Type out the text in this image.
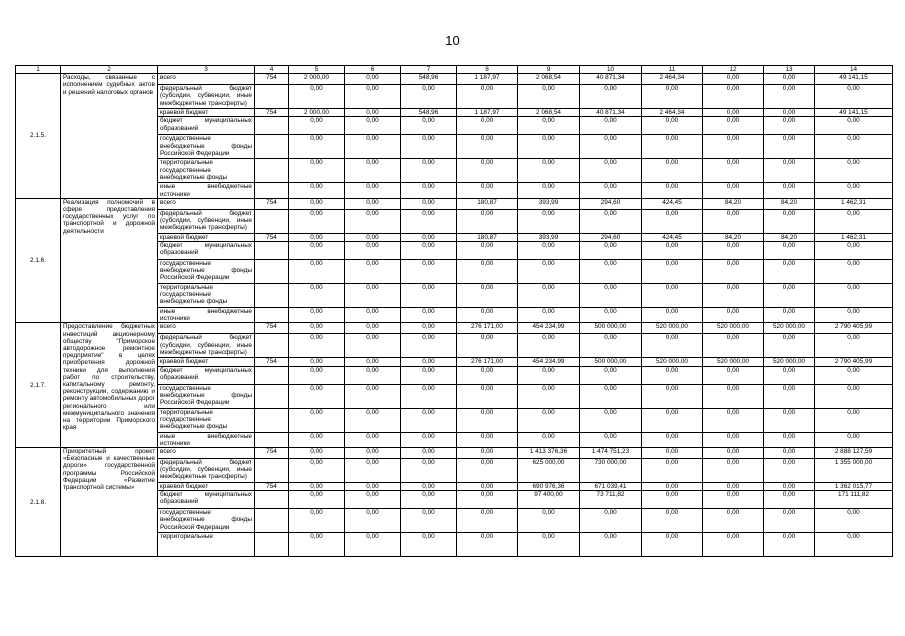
10
1	2	3	4	5	6	7	8	9	10	11	12	13	14
2.1.5.	Расходы, связанные с исполнением судебных актов и решений налоговых органов	всего	754	2 000,00	0,00	548,96	1 187,97	2 068,54	40 871,34	2 464,34	0,00	0,00	49 141,15
		федеральный бюджет (субсидии, субвенции, иные межбюджетные трансферты)		0,00	0,00	0,00	0,00	0,00	0,00	0,00	0,00	0,00	0,00
		краевой бюджет	754	2 000,00	0,00	548,96	1 187,97	2 068,54	40 871,34	2 464,34	0,00	0,00	49 141,15
		бюджет муниципальных образований		0,00	0,00	0,00	0,00	0,00	0,00	0,00	0,00	0,00	0,00
		государственные внебюджетные фонды Российской Федерации		0,00	0,00	0,00	0,00	0,00	0,00	0,00	0,00	0,00	0,00
		территориальные государственные внебюджетные фонды		0,00	0,00	0,00	0,00	0,00	0,00	0,00	0,00	0,00	0,00
		иные внебюджетные источники		0,00	0,00	0,00	0,00	0,00	0,00	0,00	0,00	0,00	0,00
2.1.6.	Реализация полномочий в сфере предоставления государственных услуг по транспортной и дорожной деятельности	всего	754	0,00	0,00	0,00	180,87	393,99	294,60	424,45	84,20	84,20	1 462,31
		федеральный бюджет (субсидии, субвенции, иные межбюджетные трансферты)		0,00	0,00	0,00	0,00	0,00	0,00	0,00	0,00	0,00	0,00
		краевой бюджет	754	0,00	0,00	0,00	180,87	393,99	294,60	424,45	84,20	84,20	1 462,31
		бюджет муниципальных образований		0,00	0,00	0,00	0,00	0,00	0,00	0,00	0,00	0,00	0,00
		государственные внебюджетные фонды Российской Федерации		0,00	0,00	0,00	0,00	0,00	0,00	0,00	0,00	0,00	0,00
		территориальные государственные внебюджетные фонды		0,00	0,00	0,00	0,00	0,00	0,00	0,00	0,00	0,00	0,00
		иные внебюджетные источники		0,00	0,00	0,00	0,00	0,00	0,00	0,00	0,00	0,00	0,00
2.1.7.	Предоставление бюджетных инвестиций акционерному обществу "Приморское автодорожное ремонтное предприятие" в целях приобретения дорожной техники для выполнения работ по строительству, капитальному ремонту, реконструкции, содержанию и ремонту автомобильных дорог регионального или межмуниципального значения на территории Приморского края	всего	754	0,00	0,00	0,00	276 171,00	454 234,99	500 000,00	520 000,00	520 000,00	520 000,00	2 790 405,99
		федеральный бюджет (субсидии, субвенции, иные межбюджетные трансферты)		0,00	0,00	0,00	0,00	0,00	0,00	0,00	0,00	0,00	0,00
		краевой бюджет	754	0,00	0,00	0,00	276 171,00	454 234,99	500 000,00	520 000,00	520 000,00	520 000,00	2 790 405,99
		бюджет муниципальных образований		0,00	0,00	0,00	0,00	0,00	0,00	0,00	0,00	0,00	0,00
		государственные внебюджетные фонды Российской Федерации		0,00	0,00	0,00	0,00	0,00	0,00	0,00	0,00	0,00	0,00
		территориальные государственные внебюджетные фонды		0,00	0,00	0,00	0,00	0,00	0,00	0,00	0,00	0,00	0,00
		иные внебюджетные источники		0,00	0,00	0,00	0,00	0,00	0,00	0,00	0,00	0,00	0,00
2.1.8.	Приоритетный проект «Безопасные и качественные дороги» государственной программы Российской Федерации «Развитие транспортной системы»	всего	754	0,00	0,00	0,00	0,00	1 413 376,36	1 474 751,23	0,00	0,00	0,00	2 888 127,59
		федеральный бюджет (субсидии, субвенции, иные межбюджетные трансферты)		0,00	0,00	0,00	0,00	625 000,00	730 000,00	0,00	0,00	0,00	1 355 000,00
		краевой бюджет	754	0,00	0,00	0,00	0,00	690 976,36	671 039,41	0,00	0,00	0,00	1 362 015,77
		бюджет муниципальных образований		0,00	0,00	0,00	0,00	97 400,00	73 711,82	0,00	0,00	0,00	171 111,82
		государственные внебюджетные фонды Российской Федерации		0,00	0,00	0,00	0,00	0,00	0,00	0,00	0,00	0,00	0,00
		территориальные		0,00	0,00	0,00	0,00	0,00	0,00	0,00	0,00	0,00	0,00
